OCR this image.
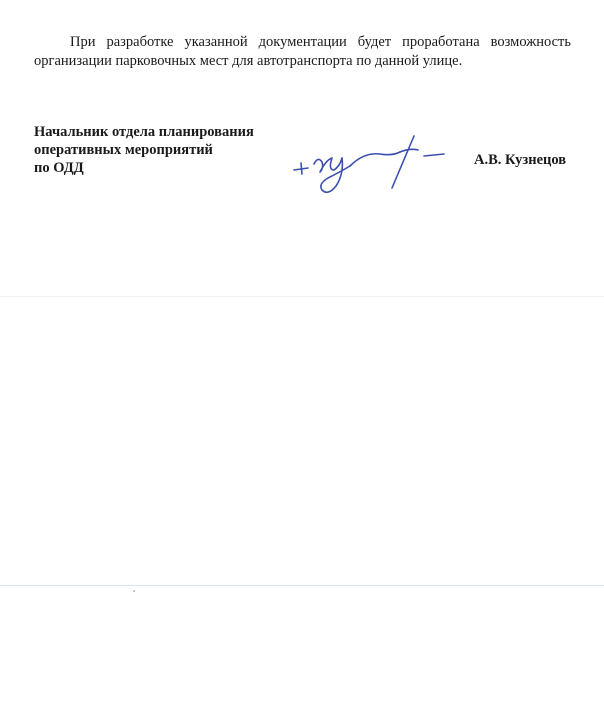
При разработке указанной документации будет проработана возможность организации парковочных мест для автотранспорта по данной улице.
Начальник отдела планирования
оперативных мероприятий
по ОДД	А.В. Кузнецов
